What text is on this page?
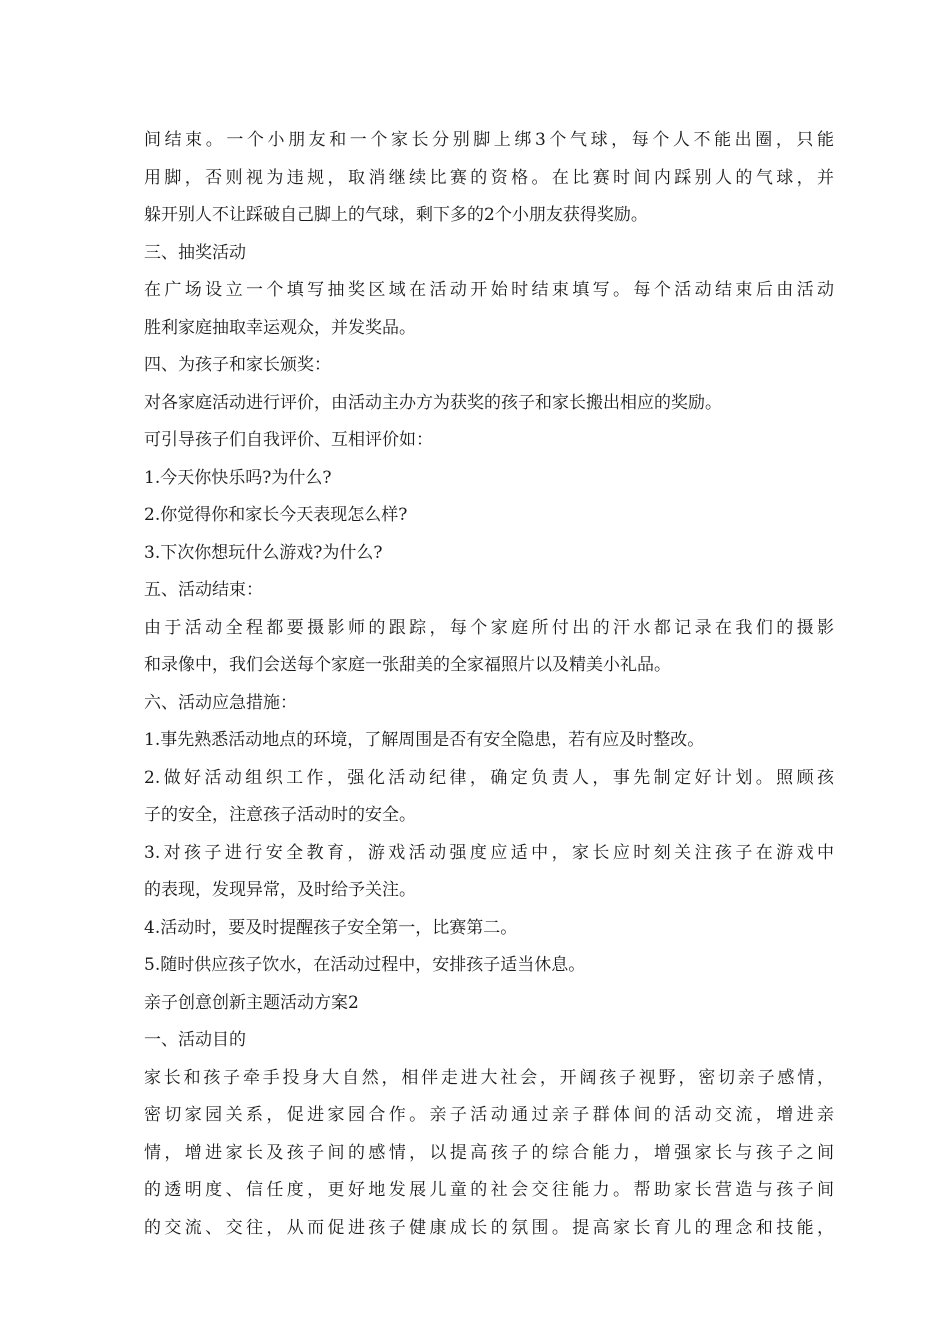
间结束。一个小朋友和一个家长分别脚上绑3个气球，每个人不能出圈，只能
用脚，否则视为违规，取消继续比赛的资格。在比赛时间内踩别人的气球，并
躲开别人不让踩破自己脚上的气球，剩下多的2个小朋友获得奖励。
三、抽奖活动
在广场设立一个填写抽奖区域在活动开始时结束填写。每个活动结束后由活动
胜利家庭抽取幸运观众，并发奖品。
四、为孩子和家长颁奖：
对各家庭活动进行评价，由活动主办方为获奖的孩子和家长搬出相应的奖励。
可引导孩子们自我评价、互相评价如：
1.今天你快乐吗?为什么?
2.你觉得你和家长今天表现怎么样?
3.下次你想玩什么游戏?为什么?
五、活动结束：
由于活动全程都要摄影师的跟踪，每个家庭所付出的汗水都记录在我们的摄影
和录像中，我们会送每个家庭一张甜美的全家福照片以及精美小礼品。
六、活动应急措施：
1.事先熟悉活动地点的环境，了解周围是否有安全隐患，若有应及时整改。
2.做好活动组织工作，强化活动纪律，确定负责人，事先制定好计划。照顾孩
子的安全，注意孩子活动时的安全。
3.对孩子进行安全教育，游戏活动强度应适中，家长应时刻关注孩子在游戏中
的表现，发现异常，及时给予关注。
4.活动时，要及时提醒孩子安全第一，比赛第二。
5.随时供应孩子饮水，在活动过程中，安排孩子适当休息。
亲子创意创新主题活动方案2
一、活动目的
家长和孩子牵手投身大自然，相伴走进大社会，开阔孩子视野，密切亲子感情，
密切家园关系，促进家园合作。亲子活动通过亲子群体间的活动交流，增进亲
情，增进家长及孩子间的感情，以提高孩子的综合能力，增强家长与孩子之间
的透明度、信任度，更好地发展儿童的社会交往能力。帮助家长营造与孩子间
的交流、交往，从而促进孩子健康成长的氛围。提高家长育儿的理念和技能，
